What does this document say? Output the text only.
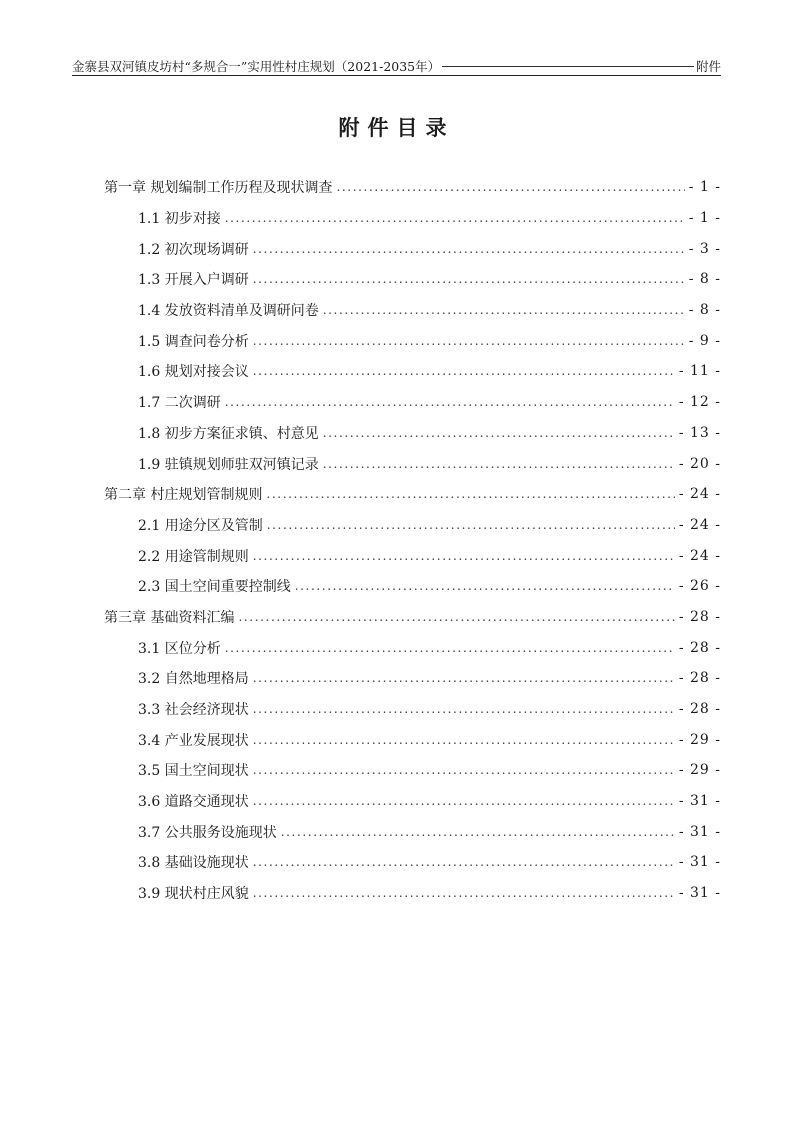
金寨县双河镇皮坊村“多规合一”实用性村庄规划（2021-2035年）	附件
附件目录
第一章 规划编制工作历程及现状调查 .....	- 1 -
1.1 初步对接 .....	- 1 -
1.2 初次现场调研 .....	- 3 -
1.3 开展入户调研 .....	- 8 -
1.4 发放资料清单及调研问卷 .....	- 8 -
1.5 调查问卷分析 .....	- 9 -
1.6 规划对接会议 .....	- 11 -
1.7 二次调研 .....	- 12 -
1.8 初步方案征求镇、村意见 .....	- 13 -
1.9 驻镇规划师驻双河镇记录 .....	- 20 -
第二章 村庄规划管制规则 .....	- 24 -
2.1 用途分区及管制 .....	- 24 -
2.2 用途管制规则 .....	- 24 -
2.3 国土空间重要控制线 .....	- 26 -
第三章 基础资料汇编 .....	- 28 -
3.1 区位分析 .....	- 28 -
3.2 自然地理格局 .....	- 28 -
3.3 社会经济现状 .....	- 28 -
3.4 产业发展现状 .....	- 29 -
3.5 国土空间现状 .....	- 29 -
3.6 道路交通现状 .....	- 31 -
3.7 公共服务设施现状 .....	- 31 -
3.8 基础设施现状 .....	- 31 -
3.9 现状村庄风貌 .....	- 31 -
